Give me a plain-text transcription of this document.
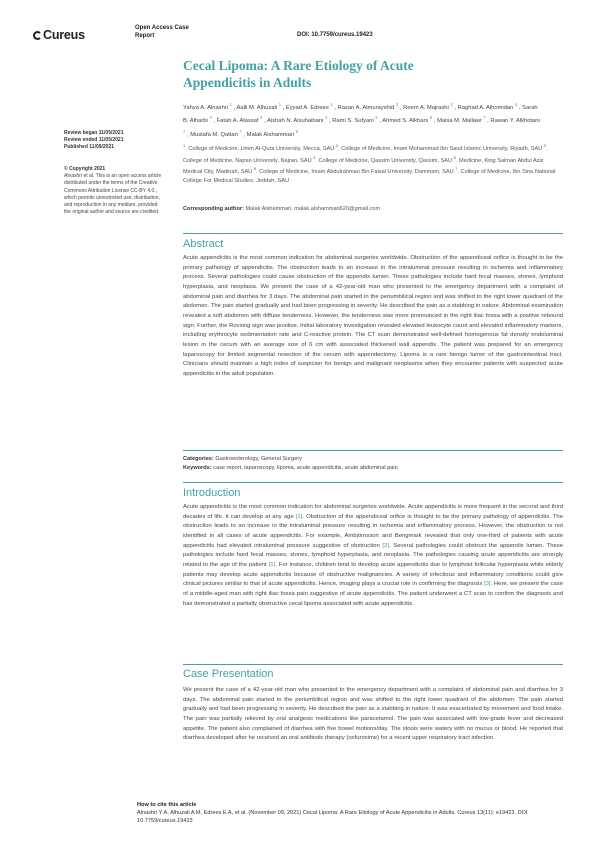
Cureus	Open Access Case
Report	DOI: 10.7759/cureus.19423
Review began 11/05/2021
Review ended 11/05/2021
Published 11/09/2021
© Copyright 2021
Alnashri et al. This is an open access article distributed under the terms of the Creative Commons Attribution License CC-BY 4.0., which permits unrestricted use, distribution, and reproduction in any medium, provided the original author and source are credited.
Cecal Lipoma: A Rare Etiology of Acute Appendicitis in Adults
Yahya A. Alnashri $^1$ , Aalli M. Alhuzali $^1$ , Eyyad A. Edrees $^1$ , Razan A. Almurayshid $^2$ , Reem A. Majrashi $^3$ , Raghad A. Alhomidan $^4$ , Sarah B. Alharbi $^4$ , Fatah A. Alassaf $^4$ , Aishah N. Alsuhaibani $^4$ , Rami S. Sufyani $^5$ , Ahmed S. Alkhars $^6$ , Maisa M. Mallawi $^7$ , Rawan Y. Alkhotani $^7$ , Mustafa M. Qattan $^7$ , Malak Alshammari $^8$
$^1$. College of Medicine, Umm Al-Qura University, Mecca, SAU $^2$. College of Medicine, Imam Mohammad Ibn Saud Islamic University, Riyadh, SAU $^3$. College of Medicine, Najran University, Najran, SAU $^4$. College of Medicine, Qassim University, Qassim, SAU $^5$. Medicine, King Salman Abdul Aziz Medical City, Madinah, SAU $^6$. College of Medicine, Imam Abdulrahman Bin Faisal University, Dammam, SAU $^7$. College of Medicine, Ibn Sina National College For Medical Studies, Jeddah, SAU
Corresponding author: Malak Alshammari, malak.alshammari620@gmail.com
Abstract
Acute appendicitis is the most common indication for abdominal surgeries worldwide. Obstruction of the appendiceal orifice is thought to be the primary pathology of appendicitis. The obstruction leads to an increase in the intraluminal pressure resulting in ischemia and inflammatory process. Several pathologies could cause obstruction of the appendix lumen. These pathologies include hard fecal masses, stones, lymphoid hyperplasia, and neoplasia. We present the case of a 42-year-old man who presented to the emergency department with a complaint of abdominal pain and diarrhea for 3 days. The abdominal pain started in the periumbilical region and was shifted to the right lower quadrant of the abdomen. The pain started gradually and had been progressing in severity. He described the pain as a stabbing in nature. Abdominal examination revealed a soft abdomen with diffuse tenderness. However, the tenderness was more pronounced in the right iliac fossa with a positive rebound sign. Further, the Rovsing sign was positive. Initial laboratory investigation revealed elevated leukocyte count and elevated inflammatory markers, including erythrocyte sedimentation rate and C-reactive protein. The CT scan demonstrated well-defined homogenous fat density endoluminal lesion in the cecum with an average size of 6 cm with associated thickened wall appendix. The patient was prepared for an emergency laparoscopy for limited segmental resection of the cecum with appendectomy. Lipoma is a rare benign tumor of the gastrointestinal tract. Clinicians should maintain a high index of suspicion for benign and malignant neoplasms when they encounter patients with suspected acute appendicitis in the adult population.
Categories: Gastroenterology, General Surgery
Keywords: case report, laparoscopy, lipoma, acute appendicitis, acute abdominal pain
Introduction
Acute appendicitis is the most common indication for abdominal surgeries worldwide. Acute appendicitis is more frequent in the second and third decades of life, it can develop at any age [1]. Obstruction of the appendiceal orifice is thought to be the primary pathology of appendicitis. The obstruction leads to an increase in the intraluminal pressure resulting in ischemia and inflammatory process. However, the obstruction is not identified in all cases of acute appendicitis. For example, Ambjörnsson and Bengmark revealed that only one-third of patients with acute appendicitis had elevated intraluminal pressure suggestive of obstruction [2]. Several pathologies could obstruct the appendix lumen. These pathologies include hard fecal masses, stones, lymphoid hyperplasia, and neoplasia. The pathologies causing acute appendicitis are strongly related to the age of the patient [1]. For instance, children tend to develop acute appendicitis due to lymphoid follicular hyperplasia while elderly patients may develop acute appendicitis because of obstructive malignancies. A variety of infectious and inflammatory conditions could give clinical pictures similar to that of acute appendicitis. Hence, imaging plays a crucial role in confirming the diagnosis [3]. Here, we present the case of a middle-aged man with right iliac fossa pain suggestive of acute appendicitis. The patient underwent a CT scan to confirm the diagnosis and has demonstrated a partially obstructive cecal lipoma associated with acute appendicitis.
Case Presentation
We present the case of a 42-year-old man who presented to the emergency department with a complaint of abdominal pain and diarrhea for 3 days. The abdominal pain started in the periumbilical region and was shifted to the right lower quadrant of the abdomen. The pain started gradually and had been progressing in severity. He described the pain as a stabbing in nature. It was exacerbated by movement and food intake. The pain was partially relieved by oral analgesic medications like paracetamol. The pain was associated with low-grade fever and decreased appetite. The patient also complained of diarrhea with five bowel motions/day. The stools were watery with no mucus or blood. He reported that diarrhea developed after he received an oral antibiotic therapy (cefuroxime) for a recent upper respiratory tract infection.
How to cite this article
Alnashri Y A, Alhuzali A M, Edrees E A, et al. (November 09, 2021) Cecal Lipoma: A Rare Etiology of Acute Appendicitis in Adults. Cureus 13(11): e19423. DOI 10.7759/cureus.19423
